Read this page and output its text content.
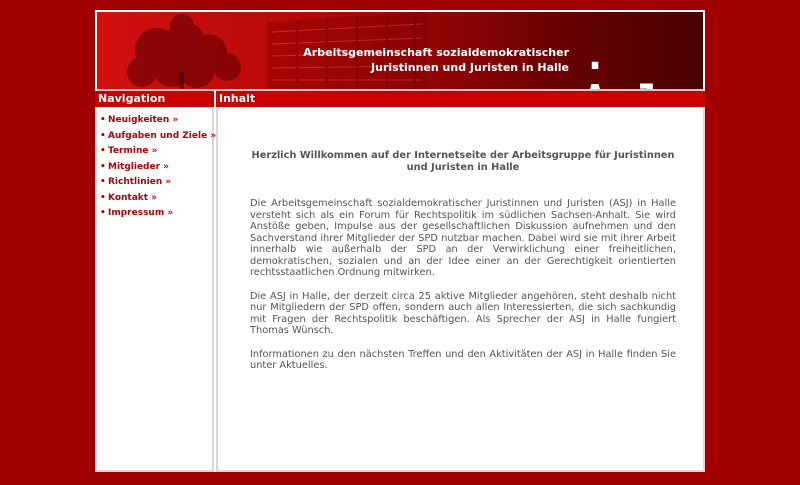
Arbeitsgemeinschaft sozialdemokratischer
Juristinnen und Juristen in Halle .
Navigation	Inhalt
• Neuigkeiten »
• Aufgaben und Ziele »
• Termine »
• Mitglieder »
• Richtlinien »
• Kontakt »
• Impressum »
Herzlich Willkommen auf der Internetseite der Arbeitsgruppe für Juristinnen und Juristen in Halle

Die Arbeitsgemeinschaft sozialdemokratischer Juristinnen und Juristen (ASJ) in Halle versteht sich als ein Forum für Rechtspolitik im südlichen Sachsen-Anhalt. Sie wird Anstöße geben, Impulse aus der gesellschaftlichen Diskussion aufnehmen und den Sachverstand ihrer Mitglieder der SPD nutzbar machen. Dabei wird sie mit ihrer Arbeit innerhalb wie außerhalb der SPD an der Verwirklichung einer freiheitlichen, demokratischen, sozialen und an der Idee einer an der Gerechtigkeit orientierten rechtsstaatlichen Ordnung mitwirken.

Die ASJ in Halle, der derzeit circa 25 aktive Mitglieder angehören, steht deshalb nicht nur Mitgliedern der SPD offen, sondern auch allen Interessierten, die sich sachkundig mit Fragen der Rechtspolitik beschäftigen. Als Sprecher der ASJ in Halle fungiert Thomas Wünsch.

Informationen zu den nächsten Treffen und den Aktivitäten der ASJ in Halle finden Sie unter Aktuelles.
